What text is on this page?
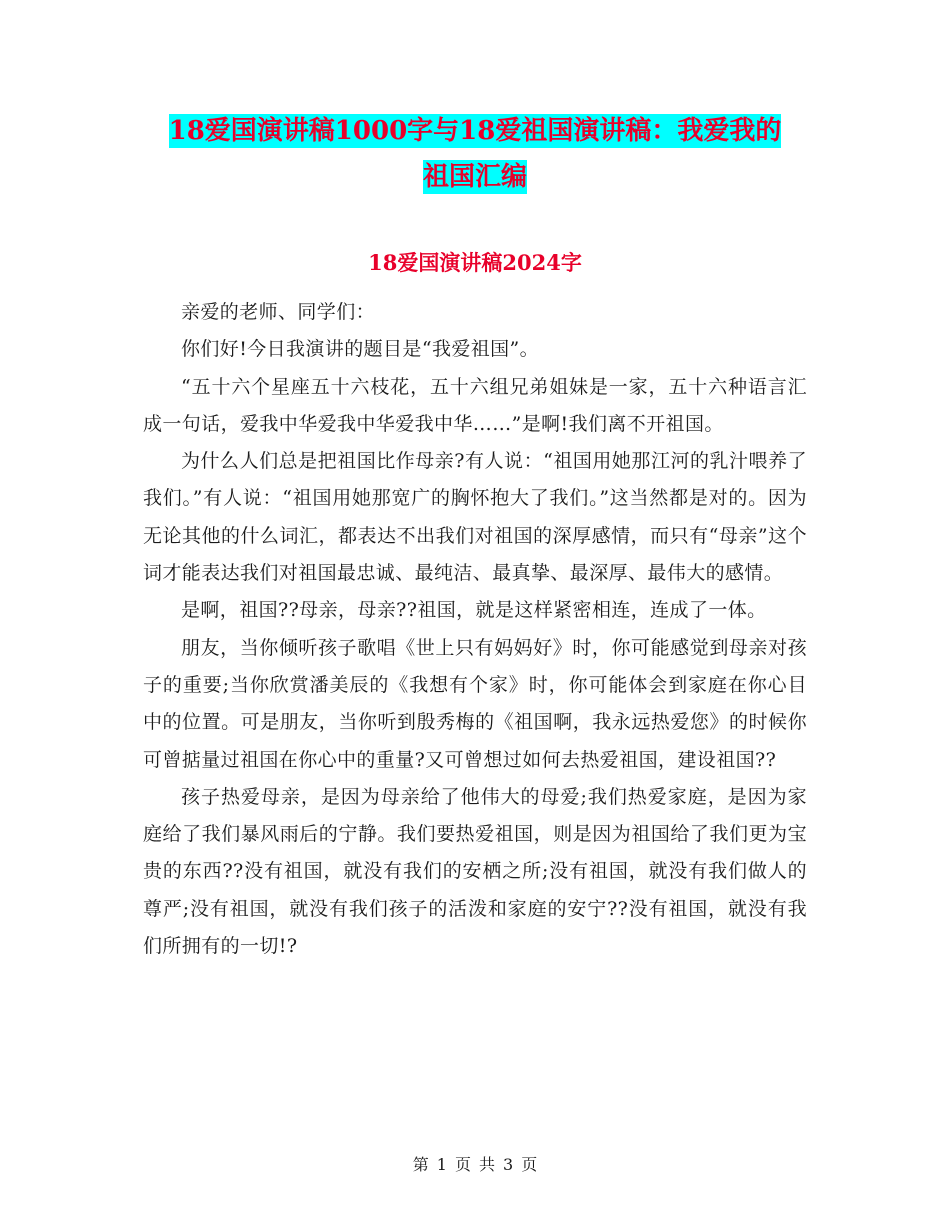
18爱国演讲稿1000字与18爱祖国演讲稿：我爱我的
祖国汇编
18爱国演讲稿2024字

亲爱的老师、同学们：

你们好!今日我演讲的题目是“我爱祖国”。

“五十六个星座五十六枝花，五十六组兄弟姐妹是一家，五十六种语言汇成一句话，爱我中华爱我中华爱我中华……”是啊!我们离不开祖国。

为什么人们总是把祖国比作母亲?有人说：“祖国用她那江河的乳汁喂养了我们。”有人说：“祖国用她那宽广的胸怀抱大了我们。”这当然都是对的。因为无论其他的什么词汇，都表达不出我们对祖国的深厚感情，而只有“母亲”这个词才能表达我们对祖国最忠诚、最纯洁、最真挚、最深厚、最伟大的感情。

是啊，祖国??母亲，母亲??祖国，就是这样紧密相连，连成了一体。

朋友，当你倾听孩子歌唱《世上只有妈妈好》时，你可能感觉到母亲对孩子的重要;当你欣赏潘美辰的《我想有个家》时，你可能体会到家庭在你心目中的位置。可是朋友，当你听到殷秀梅的《祖国啊，我永远热爱您》的时候你可曾掂量过祖国在你心中的重量?又可曾想过如何去热爱祖国，建设祖国??

孩子热爱母亲，是因为母亲给了他伟大的母爱;我们热爱家庭，是因为家庭给了我们暴风雨后的宁静。我们要热爱祖国，则是因为祖国给了我们更为宝贵的东西??没有祖国，就没有我们的安栖之所;没有祖国，就没有我们做人的尊严;没有祖国，就没有我们孩子的活泼和家庭的安宁??没有祖国，就没有我们所拥有的一切!?

第 1 页 共 3 页
